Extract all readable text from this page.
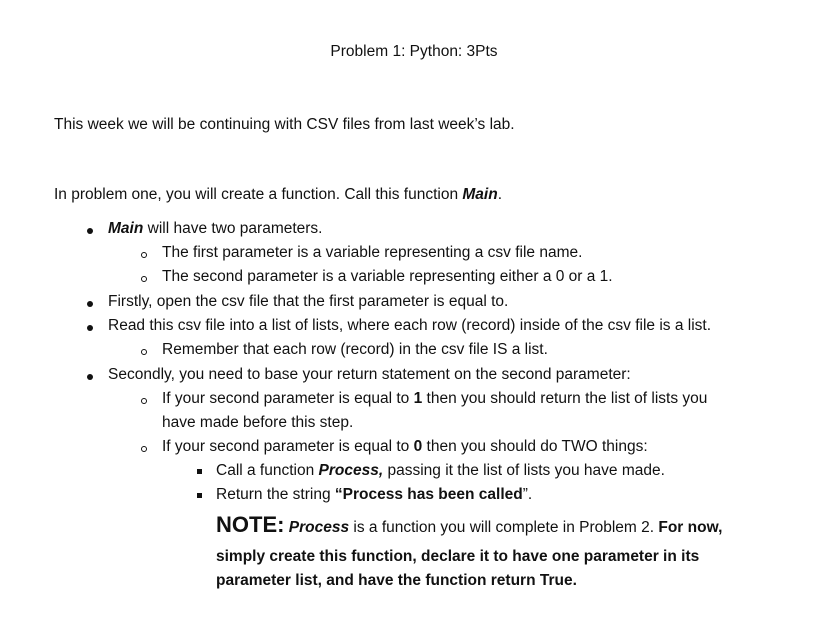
Problem 1: Python: 3Pts
This week we will be continuing with CSV files from last week’s lab.
In problem one, you will create a function. Call this function Main.
Main will have two parameters.
The first parameter is a variable representing a csv file name.
The second parameter is a variable representing either a 0 or a 1.
Firstly, open the csv file that the first parameter is equal to.
Read this csv file into a list of lists, where each row (record) inside of the csv file is a list.
Remember that each row (record) in the csv file IS a list.
Secondly, you need to base your return statement on the second parameter:
If your second parameter is equal to 1 then you should return the list of lists you
have made before this step.
If your second parameter is equal to 0 then you should do TWO things:
Call a function Process, passing it the list of lists you have made.
Return the string “Process has been called”.
NOTE: Process is a function you will complete in Problem 2. For now,
simply create this function, declare it to have one parameter in its
parameter list, and have the function return True.
